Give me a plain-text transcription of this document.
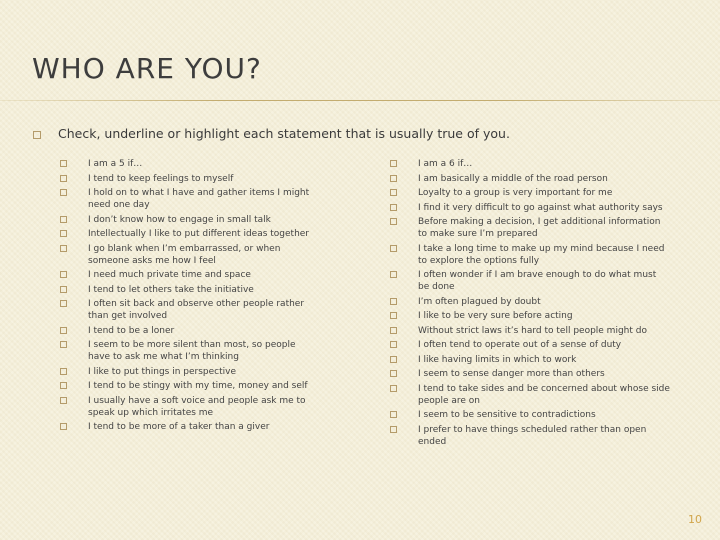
WHO ARE YOU?
Check, underline or highlight each statement that is usually true of you.
I am a 5 if…
I tend to keep feelings to myself
I hold on to what I have and gather items I might need one day
I don’t know how to engage in small talk
Intellectually I like to put different ideas together
I go blank when I’m embarrassed, or when someone asks me how I feel
I need much private time and space
I tend to let others take the initiative
I often sit back and observe other people rather than get involved
I tend to be a loner
I seem to be more silent than most, so people have to ask me what I’m thinking
I like to put things in perspective
I tend to be stingy with my time, money and self
I usually have a soft voice and people ask me to speak up which irritates me
I tend to be more of a taker than a giver
I am a 6 if…
I am basically a middle of the road person
Loyalty to a group is very important for me
I find it very difficult to go against what authority says
Before making a decision, I get additional information to make sure I’m prepared
I take a long time to make up my mind because I need to explore the options fully
I often wonder if I am brave enough to do what must be done
I’m often plagued by doubt
I like to be very sure before acting
Without strict laws it’s hard to tell people might do
I often tend to operate out of a sense of duty
I like having limits in which to work
I seem to sense danger more than others
I tend to take sides and be concerned about whose side people are on
I seem to be sensitive to contradictions
I prefer to have things scheduled rather than open ended
10
